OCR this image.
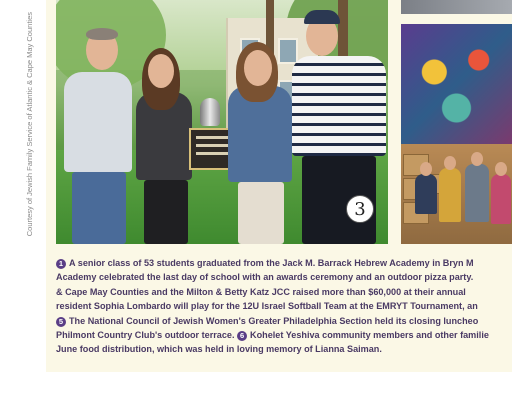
Courtesy of Jewish Family Service of Atlantic & Cape May Counties	3
1 A senior class of 53 students graduated from the Jack M. Barrack Hebrew Academy in Bryn M
Academy celebrated the last day of school with an awards ceremony and an outdoor pizza party.
& Cape May Counties and the Milton & Betty Katz JCC raised more than $60,000 at their annual
resident Sophia Lombardo will play for the 12U Israel Softball Team at the EMRYT Tournament, an
5 The National Council of Jewish Women's Greater Philadelphia Section held its closing luncheo
Philmont Country Club's outdoor terrace. 6 Kohelet Yeshiva community members and other familie
June food distribution, which was held in loving memory of Lianna Saiman.
